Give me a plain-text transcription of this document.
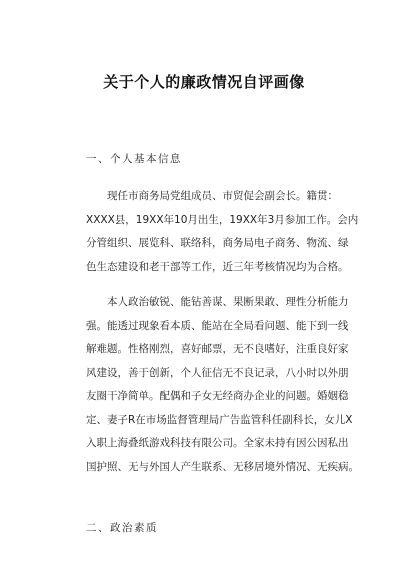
关于个人的廉政情况自评画像
一、个人基本信息
现任市商务局党组成员、市贸促会副会长。籍贯：
XXXX县，19XX年10月出生，19XX年3月参加工作。会内
分管组织、展览科、联络科，商务局电子商务、物流、绿
色生态建设和老干部等工作，近三年考核情况均为合格。
本人政治敏锐、能钻善谋、果断果敢、理性分析能力
强。能透过现象看本质、能站在全局看问题、能下到一线
解难题。性格刚烈，喜好邮票，无不良嗜好，注重良好家
风建设，善于创新，个人征信无不良记录，八小时以外朋
友圈干净简单。配偶和子女无经商办企业的问题。婚姻稳
定、妻子R在市场监督管理局广告监管科任副科长，女儿X
入职上海叠纸游戏科技有限公司。全家未持有因公因私出
国护照、无与外国人产生联系、无移居境外情况、无疾病。
二、政治素质
